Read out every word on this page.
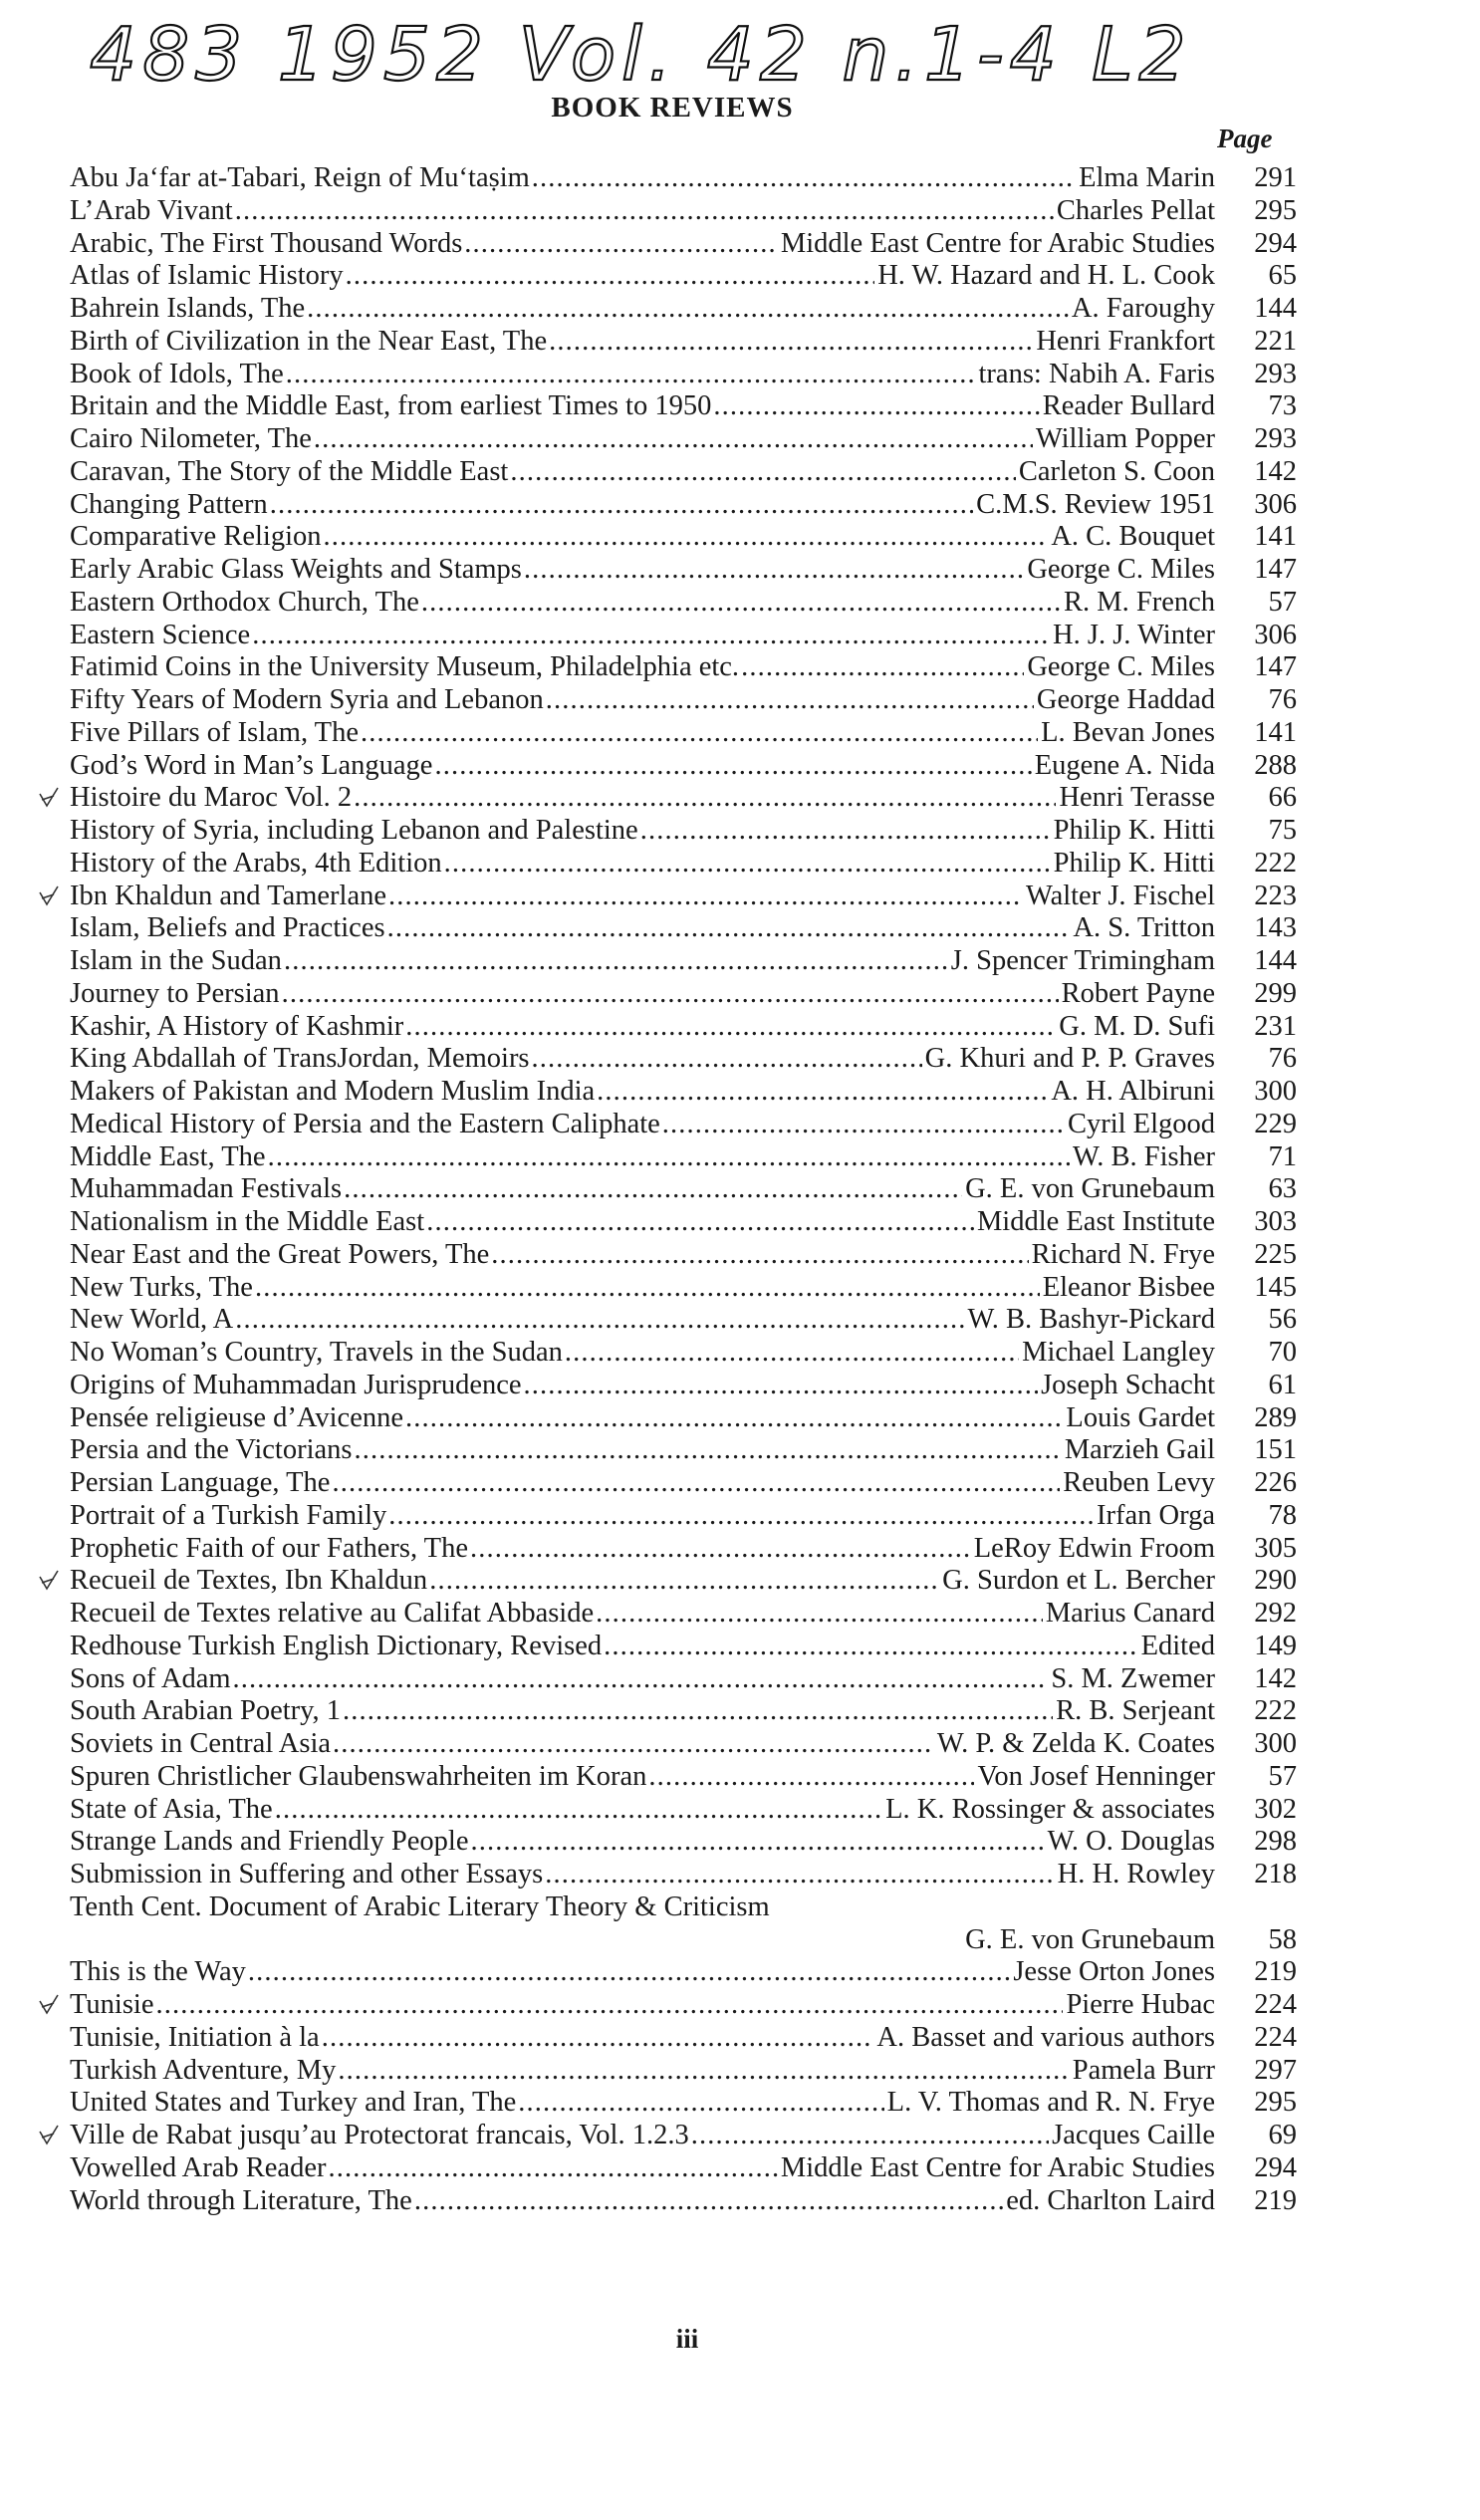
483 1952 Vol. 42 n.1-4 L2
BOOK REVIEWS
Page
Abu Ja‘far at-Tabari, Reign of Mu‘taṣim . . .	Elma Marin	291
L’Arab Vivant . . .	Charles Pellat	295
Arabic, The First Thousand Words . . .	Middle East Centre for Arabic Studies	294
Atlas of Islamic History . . .	H. W. Hazard and H. L. Cook	65
Bahrein Islands, The . . .	A. Faroughy	144
Birth of Civilization in the Near East, The . . .	Henri Frankfort	221
Book of Idols, The . . .	trans: Nabih A. Faris	293
Britain and the Middle East, from earliest Times to 1950 . . .	Reader Bullard	73
Cairo Nilometer, The . . .	William Popper	293
Caravan, The Story of the Middle East . . .	Carleton S. Coon	142
Changing Pattern . . .	C.M.S. Review 1951	306
Comparative Religion . . .	A. C. Bouquet	141
Early Arabic Glass Weights and Stamps . . .	George C. Miles	147
Eastern Orthodox Church, The . . .	R. M. French	57
Eastern Science . . .	H. J. J. Winter	306
Fatimid Coins in the University Museum, Philadelphia etc. . . .	George C. Miles	147
Fifty Years of Modern Syria and Lebanon . . .	George Haddad	76
Five Pillars of Islam, The . . .	L. Bevan Jones	141
God’s Word in Man’s Language . . .	Eugene A. Nida	288
Histoire du Maroc Vol. 2 . . .	Henri Terasse	66
History of Syria, including Lebanon and Palestine . . .	Philip K. Hitti	75
History of the Arabs, 4th Edition . . .	Philip K. Hitti	222
Ibn Khaldun and Tamerlane . . .	Walter J. Fischel	223
Islam, Beliefs and Practices . . .	A. S. Tritton	143
Islam in the Sudan . . .	J. Spencer Trimingham	144
Journey to Persian . . .	Robert Payne	299
Kashir, A History of Kashmir . . .	G. M. D. Sufi	231
King Abdallah of TransJordan, Memoirs . . .	G. Khuri and P. P. Graves	76
Makers of Pakistan and Modern Muslim India . . .	A. H. Albiruni	300
Medical History of Persia and the Eastern Caliphate . . .	Cyril Elgood	229
Middle East, The . . .	W. B. Fisher	71
Muhammadan Festivals . . .	G. E. von Grunebaum	63
Nationalism in the Middle East . . .	Middle East Institute	303
Near East and the Great Powers, The . . .	Richard N. Frye	225
New Turks, The . . .	Eleanor Bisbee	145
New World, A . . .	W. B. Bashyr-Pickard	56
No Woman’s Country, Travels in the Sudan . . .	Michael Langley	70
Origins of Muhammadan Jurisprudence . . .	Joseph Schacht	61
Pensée religieuse d’Avicenne . . .	Louis Gardet	289
Persia and the Victorians . . .	Marzieh Gail	151
Persian Language, The . . .	Reuben Levy	226
Portrait of a Turkish Family . . .	Irfan Orga	78
Prophetic Faith of our Fathers, The . . .	LeRoy Edwin Froom	305
Recueil de Textes, Ibn Khaldun . . .	G. Surdon et L. Bercher	290
Recueil de Textes relative au Califat Abbaside . . .	Marius Canard	292
Redhouse Turkish English Dictionary, Revised . . .	Edited	149
Sons of Adam . . .	S. M. Zwemer	142
South Arabian Poetry, 1 . . .	R. B. Serjeant	222
Soviets in Central Asia . . .	W. P. & Zelda K. Coates	300
Spuren Christlicher Glaubenswahrheiten im Koran . . .	Von Josef Henninger	57
State of Asia, The . . .	L. K. Rossinger & associates	302
Strange Lands and Friendly People . . .	W. O. Douglas	298
Submission in Suffering and other Essays . . .	H. H. Rowley	218
Tenth Cent. Document of Arabic Literary Theory & Criticism
G. E. von Grunebaum	58
This is the Way . . .	Jesse Orton Jones	219
Tunisie . . .	Pierre Hubac	224
Tunisie, Initiation à la . . .	A. Basset and various authors	224
Turkish Adventure, My . . .	Pamela Burr	297
United States and Turkey and Iran, The . . .	L. V. Thomas and R. N. Frye	295
Ville de Rabat jusqu’au Protectorat francais, Vol. 1.2.3 . . .	Jacques Caille	69
Vowelled Arab Reader . . .	Middle East Centre for Arabic Studies	294
World through Literature, The . . .	ed. Charlton Laird	219
iii
